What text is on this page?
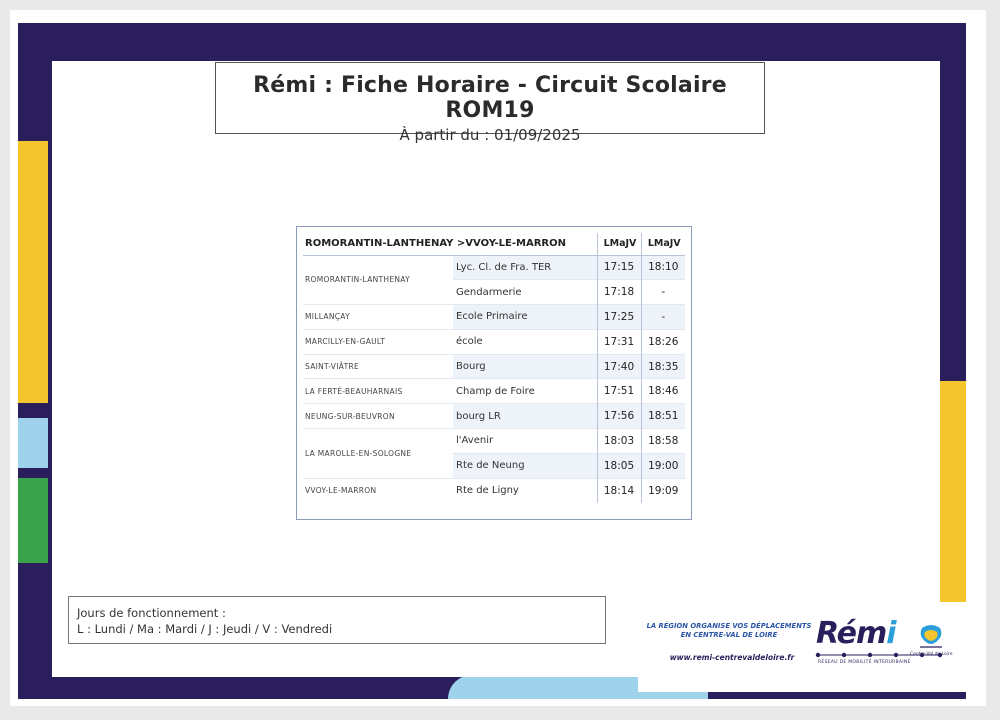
Rémi : Fiche Horaire - Circuit Scolaire ROM19
À partir du : 01/09/2025
ROMORANTIN-LANTHENAY >VVOY-LE-MARRON		LMaJV	LMaJV
ROMORANTIN-LANTHENAY	Lyc. Cl. de Fra. TER	17:15	18:10
	Gendarmerie	17:18	-
MILLANÇAY	Ecole Primaire	17:25	-
MARCILLY-EN-GAULT	école	17:31	18:26
SAINT-VIÂTRE	Bourg	17:40	18:35
LA FERTÉ-BEAUHARNAIS	Champ de Foire	17:51	18:46
NEUNG-SUR-BEUVRON	bourg LR	17:56	18:51
LA MAROLLE-EN-SOLOGNE	l'Avenir	18:03	18:58
	Rte de Neung	18:05	19:00
VVOY-LE-MARRON	Rte de Ligny	18:14	19:09
Jours de fonctionnement :
L : Lundi / Ma : Mardi / J : Jeudi / V : Vendredi	LA RÉGION ORGANISE VOS DÉPLACEMENTS
EN CENTRE-VAL DE LOIRE
www.remi-centrevaldeloire.fr
Rémi
RÉSEAU DE MOBILITÉ INTERURBAINE
Centre-Val de Loire
